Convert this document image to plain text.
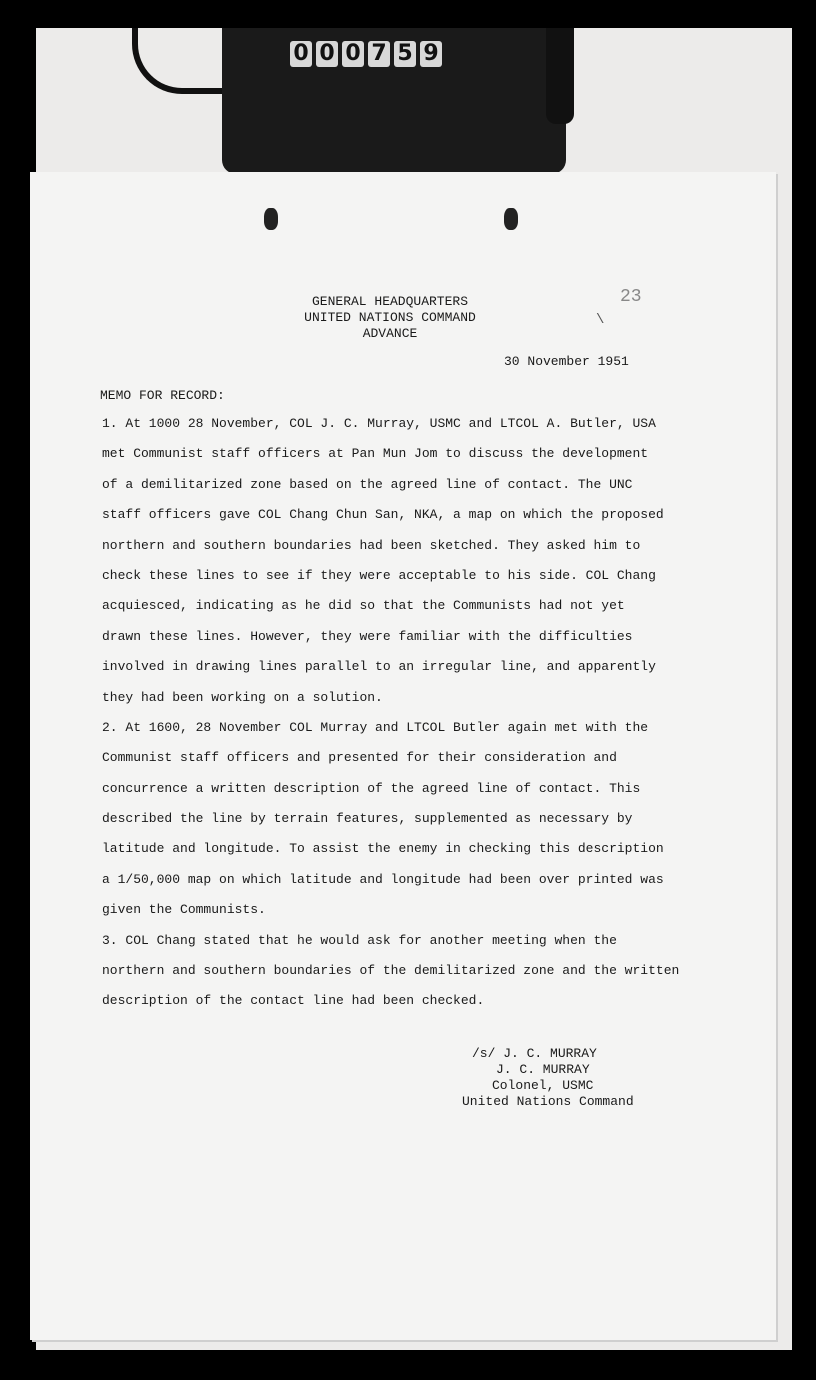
0 0 0 7 5 9
23
\
GENERAL HEADQUARTERS
UNITED NATIONS COMMAND
ADVANCE
30 November 1951
MEMO FOR RECORD:
1. At 1000 28 November, COL J. C. Murray, USMC and LTCOL A. Butler, USA
met Communist staff officers at Pan Mun Jom to discuss the development
of a demilitarized zone based on the agreed line of contact. The UNC
staff officers gave COL Chang Chun San, NKA, a map on which the proposed
northern and southern boundaries had been sketched. They asked him to
check these lines to see if they were acceptable to his side. COL Chang
acquiesced, indicating as he did so that the Communists had not yet
drawn these lines. However, they were familiar with the difficulties
involved in drawing lines parallel to an irregular line, and apparently
they had been working on a solution.
2. At 1600, 28 November COL Murray and LTCOL Butler again met with the
Communist staff officers and presented for their consideration and
concurrence a written description of the agreed line of contact. This
described the line by terrain features, supplemented as necessary by
latitude and longitude. To assist the enemy in checking this description
a 1/50,000 map on which latitude and longitude had been over printed was
given the Communists.
3. COL Chang stated that he would ask for another meeting when the
northern and southern boundaries of the demilitarized zone and the written
description of the contact line had been checked.
/s/ J. C. MURRAY
J. C. MURRAY
Colonel, USMC
United Nations Command
